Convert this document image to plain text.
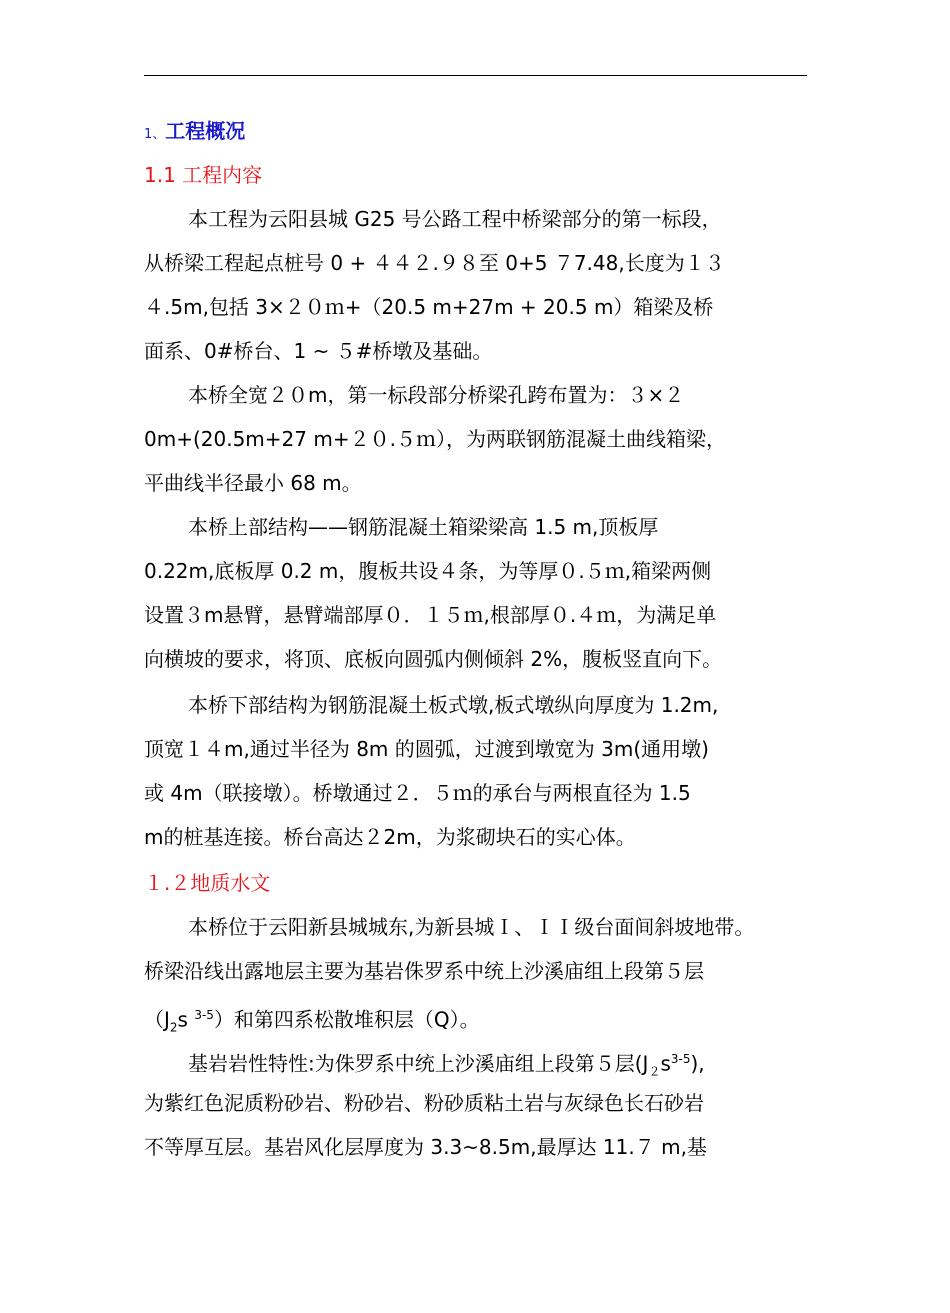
1、工程概况
1.1 工程内容
本工程为云阳县城 G25 号公路工程中桥梁部分的第一标段，
从桥梁工程起点桩号 0 + ４４２.９８至 0+5 ７7.48,长度为１３
４.5m,包括 3×２０ｍ+（20.5 m+27m + 20.5 m）箱梁及桥
面系、0#桥台、1 ~ ５#桥墩及基础。
本桥全宽２０m，第一标段部分桥梁孔跨布置为：３×２
0m+(20.5m+27 m+２０.５ｍ），为两联钢筋混凝土曲线箱梁，
平曲线半径最小 68 m。
本桥上部结构——钢筋混凝土箱梁梁高 1.5 m,顶板厚
0.22m,底板厚 0.2 m，腹板共设４条，为等厚０.５ｍ,箱梁两侧
设置３m悬臂，悬臂端部厚０．１５ｍ,根部厚０.４ｍ，为满足单
向横坡的要求，将顶、底板向圆弧内侧倾斜 2%，腹板竖直向下。
本桥下部结构为钢筋混凝土板式墩,板式墩纵向厚度为 1.2m,
顶宽１４m,通过半径为 8m 的圆弧，过渡到墩宽为 3m(通用墩)
或 4m（联接墩）。桥墩通过２．５ｍ的承台与两根直径为 1.5
m的桩基连接。桥台高达２2m，为浆砌块石的实心体。
１.２地质水文
本桥位于云阳新县城城东,为新县城Ｉ、ＩＩ级台面间斜坡地带。
桥梁沿线出露地层主要为基岩侏罗系中统上沙溪庙组上段第５层
（$J_2s$ $^{3-5}$）和第四系松散堆积层（Q）。
基岩岩性特性:为侏罗系中统上沙溪庙组上段第５层$(J_2s^{3-5})$,
为紫红色泥质粉砂岩、粉砂岩、粉砂质粘土岩与灰绿色长石砂岩
不等厚互层。基岩风化层厚度为 3.3~8.5m,最厚达 11.７ m,基
